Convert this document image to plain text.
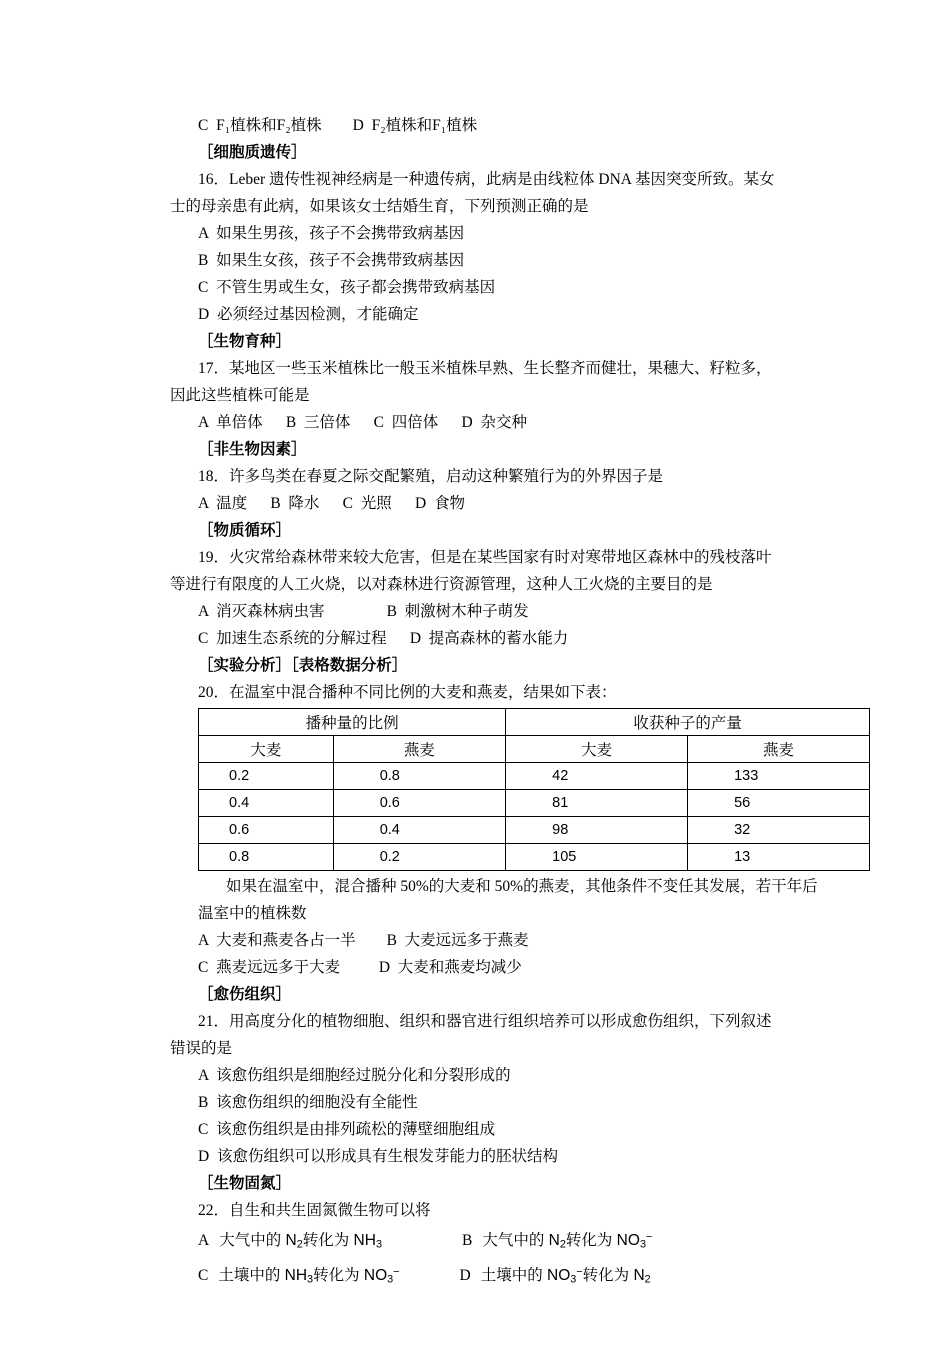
C  F₁植株和F₂植株        D  F₂植株和F₁植株
［细胞质遗传］
16．Leber 遗传性视神经病是一种遗传病，此病是由线粒体 DNA 基因突变所致。某女
士的母亲患有此病，如果该女士结婚生育，下列预测正确的是
A  如果生男孩，孩子不会携带致病基因
B  如果生女孩，孩子不会携带致病基因
C  不管生男或生女，孩子都会携带致病基因
D  必须经过基因检测，才能确定
［生物育种］
17．某地区一些玉米植株比一般玉米植株早熟、生长整齐而健壮，果穗大、籽粒多，
因此这些植株可能是
A  单倍体      B  三倍体      C  四倍体      D  杂交种
［非生物因素］
18．许多鸟类在春夏之际交配繁殖，启动这种繁殖行为的外界因子是
A  温度      B  降水      C  光照      D  食物
［物质循环］
19．火灾常给森林带来较大危害，但是在某些国家有时对寒带地区森林中的残枝落叶
等进行有限度的人工火烧，以对森林进行资源管理，这种人工火烧的主要目的是
A  消灭森林病虫害                B  刺激树木种子萌发
C  加速生态系统的分解过程      D  提高森林的蓄水能力
［实验分析］［表格数据分析］
20．在温室中混合播种不同比例的大麦和燕麦，结果如下表：
播种量的比例		收获种子的产量	
大麦	燕麦	大麦	燕麦
0.2	0.8	42	133
0.4	0.6	81	56
0.6	0.4	98	32
0.8	0.2	105	13
如果在温室中，混合播种 50%的大麦和 50%的燕麦，其他条件不变任其发展，若干年后
温室中的植株数
A  大麦和燕麦各占一半        B  大麦远远多于燕麦
C  燕麦远远多于大麦          D  大麦和燕麦均减少
［愈伤组织］
21．用高度分化的植物细胞、组织和器官进行组织培养可以形成愈伤组织，下列叙述
错误的是
A  该愈伤组织是细胞经过脱分化和分裂形成的
B  该愈伤组织的细胞没有全能性
C  该愈伤组织是由排列疏松的薄壁细胞组成
D  该愈伤组织可以形成具有生根发芽能力的胚状结构
［生物固氮］
22．自生和共生固氮微生物可以将
A 大气中的 $N_2$转化为 $NH_3$	B 大气中的 $N_2$转化为 $NO_3^-$
C 土壤中的 $NH_3$转化为 $NO_3^-$	D 土壤中的 $NO_3^-$转化为 $N_2$
